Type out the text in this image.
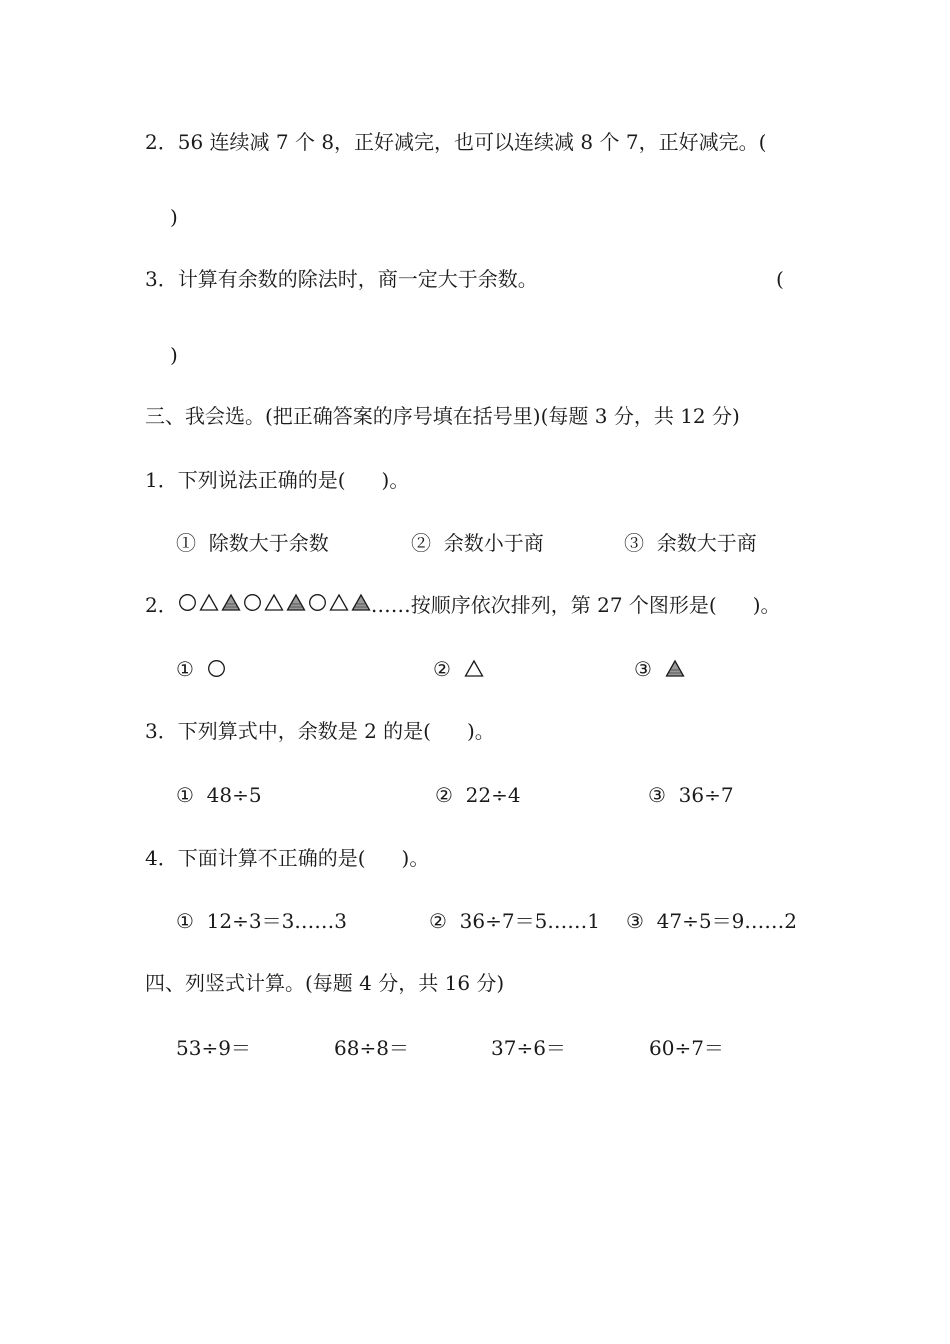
2．56 连续减 7 个 8，正好减完，也可以连续减 8 个 7，正好减完。(
)
3．计算有余数的除法时，商一定大于余数。	(
)
三、我会选。(把正确答案的序号填在括号里)(每题 3 分，共 12 分)
1．下列说法正确的是( )。
① 除数大于余数	② 余数小于商	③ 余数大于商
2．	……按顺序依次排列，第 27 个图形是( )。
①	②	③
3．下列算式中，余数是 2 的是( )。
① 48÷5	② 22÷4	③ 36÷7
4．下面计算不正确的是( )。
① 12÷3＝3……3	② 36÷7＝5……1 ③ 47÷5＝9……2
四、列竖式计算。(每题 4 分，共 16 分)
53÷9＝	68÷8＝	37÷6＝	60÷7＝
